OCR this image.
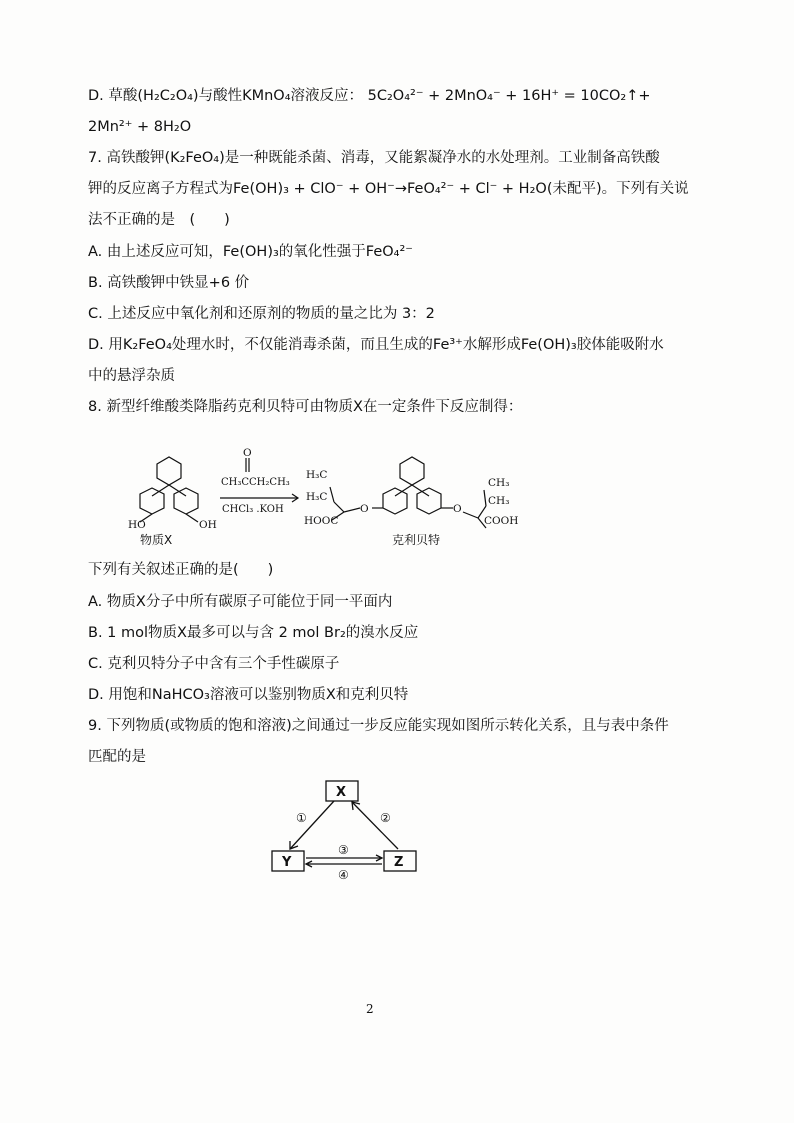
D. 草酸(H₂C₂O₄)与酸性KMnO₄溶液反应： 5C₂O₄²⁻ + 2MnO₄⁻ + 16H⁺ = 10CO₂↑+
2Mn²⁺ + 8H₂O
7. 高铁酸钾(K₂FeO₄)是一种既能杀菌、消毒，又能絮凝净水的水处理剂。工业制备高铁酸
钾的反应离子方程式为Fe(OH)₃ + ClO⁻ + OH⁻→FeO₄²⁻ + Cl⁻ + H₂O(未配平)。下列有关说
法不正确的是　(　　)
A. 由上述反应可知，Fe(OH)₃的氧化性强于FeO₄²⁻
B. 高铁酸钾中铁显+6 价
C. 上述反应中氧化剂和还原剂的物质的量之比为 3：2
D. 用K₂FeO₄处理水时，不仅能消毒杀菌，而且生成的Fe³⁺水解形成Fe(OH)₃胶体能吸附水
中的悬浮杂质
8. 新型纤维酸类降脂药克利贝特可由物质X在一定条件下反应制得：
HO	OH
O
CH₃CCH₂CH₃
CHCl₃ .KOH
H₃C
H₃C
HOOC
O	O
CH₃
CH₃
COOH
物质X	克利贝特
下列有关叙述正确的是(　　)
A. 物质X分子中所有碳原子可能位于同一平面内
B. 1 mol物质X最多可以与含 2 mol Br₂的溴水反应
C. 克利贝特分子中含有三个手性碳原子
D. 用饱和NaHCO₃溶液可以鉴别物质X和克利贝特
9. 下列物质(或物质的饱和溶液)之间通过一步反应能实现如图所示转化关系，且与表中条件
匹配的是
X
Y	Z
①	②
③
④
2
